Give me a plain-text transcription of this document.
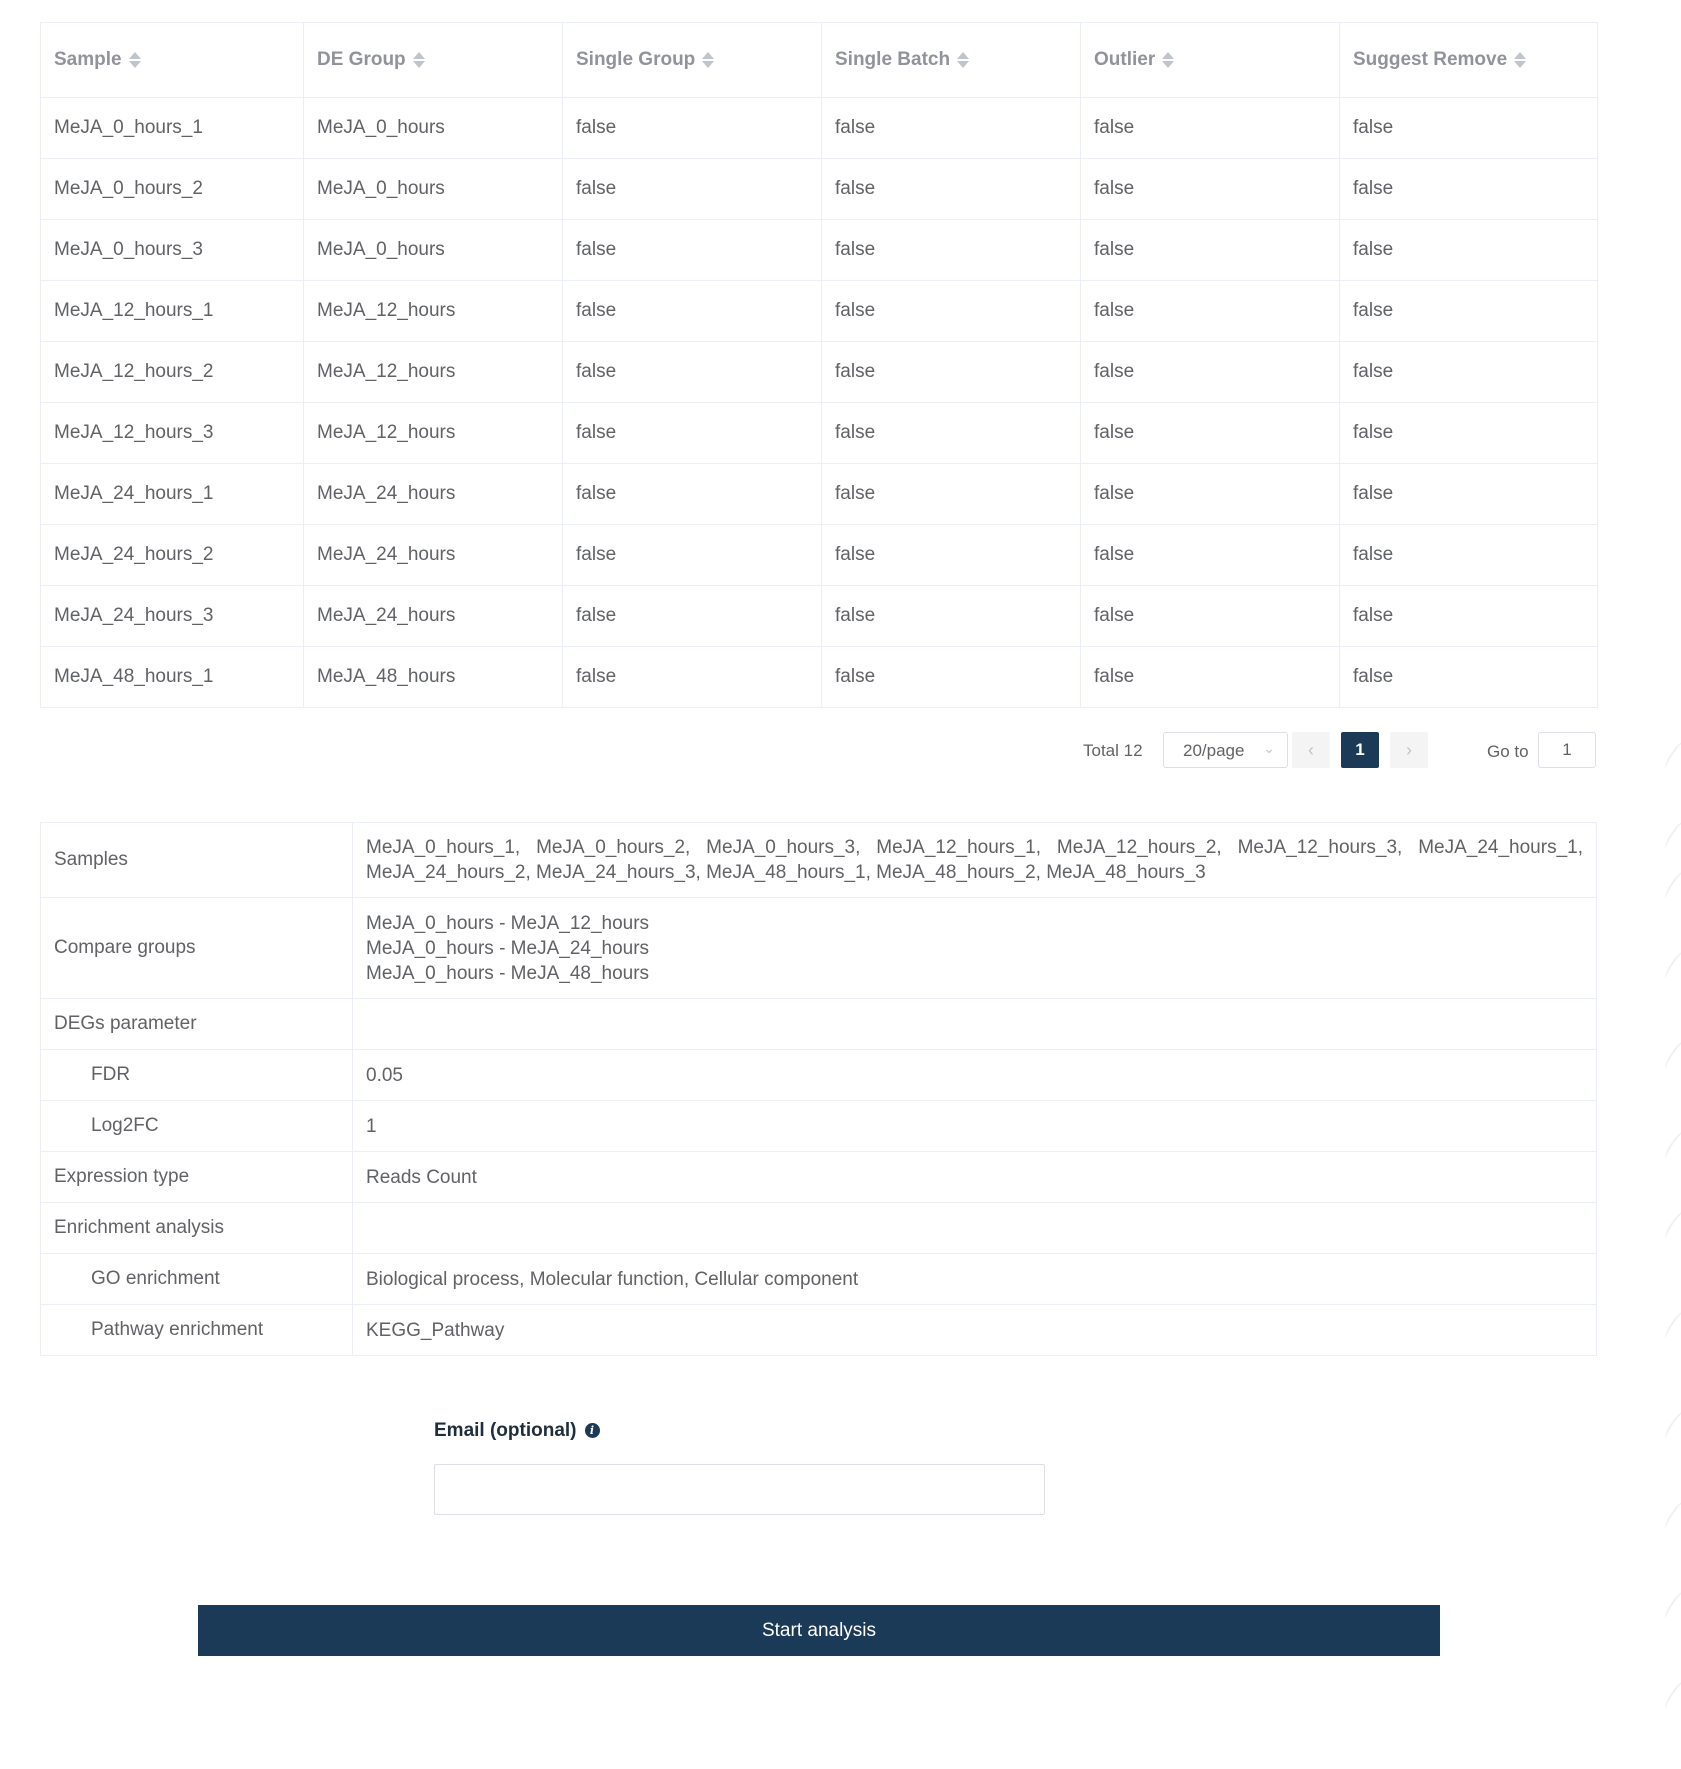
Sample	DE Group	Single Group	Single Batch	Outlier	Suggest Remove
MeJA_0_hours_1	MeJA_0_hours	false	false	false	false
MeJA_0_hours_2	MeJA_0_hours	false	false	false	false
MeJA_0_hours_3	MeJA_0_hours	false	false	false	false
MeJA_12_hours_1	MeJA_12_hours	false	false	false	false
MeJA_12_hours_2	MeJA_12_hours	false	false	false	false
MeJA_12_hours_3	MeJA_12_hours	false	false	false	false
MeJA_24_hours_1	MeJA_24_hours	false	false	false	false
MeJA_24_hours_2	MeJA_24_hours	false	false	false	false
MeJA_24_hours_3	MeJA_24_hours	false	false	false	false
MeJA_48_hours_1	MeJA_48_hours	false	false	false	false
Total 12	20/page ⌄	‹	1	›	Go to	1
Samples	MeJA_0_hours_1, MeJA_0_hours_2, MeJA_0_hours_3, MeJA_12_hours_1, MeJA_12_hours_2, MeJA_12_hours_3, MeJA_24_hours_1, MeJA_24_hours_2, MeJA_24_hours_3, MeJA_48_hours_1, MeJA_48_hours_2, MeJA_48_hours_3
Compare groups	MeJA_0_hours - MeJA_12_hours
MeJA_0_hours - MeJA_24_hours
MeJA_0_hours - MeJA_48_hours

DEGs parameter	
FDR	0.05
Log2FC	1
Expression type	Reads Count
Enrichment analysis	
GO enrichment	Biological process, Molecular function, Cellular component
Pathway enrichment	KEGG_Pathway
Email (optional) i
Start analysis
